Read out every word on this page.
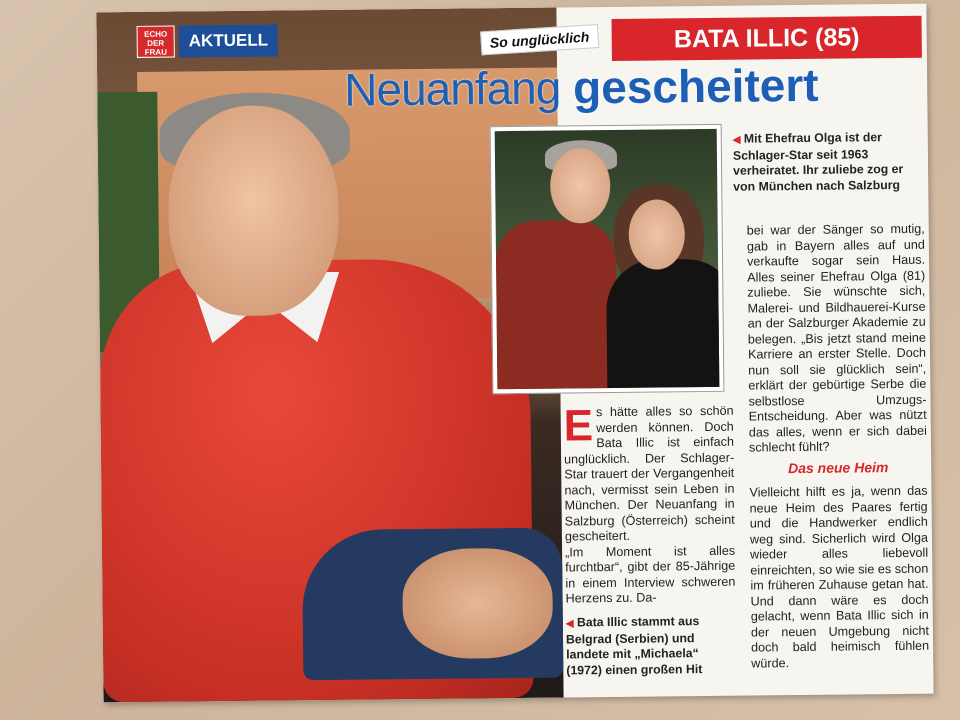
ECHO DER FRAU
AKTUELL	So unglücklich	BATA ILLIC (85)
Neuanfang gescheitert
◀ Mit Ehefrau Olga ist der Schlager-Star seit 1963 verheiratet. Ihr zuliebe zog er von München nach Salzburg
E s hätte alles so schön werden können. Doch Bata Illic ist einfach unglücklich. Der Schlager-Star trauert der Vergangenheit nach, vermisst sein Leben in München. Der Neuanfang in Salzburg (Österreich) scheint gescheitert.

„Im Moment ist alles furchtbar“, gibt der 85-Jährige in einem Interview schweren Herzens zu. Da-

◀ Bata Illic stammt aus Belgrad (Serbien) und landete mit „Michaela“ (1972) einen großen Hit

bei war der Sänger so mutig, gab in Bayern alles auf und verkaufte sogar sein Haus. Alles seiner Ehefrau Olga (81) zuliebe. Sie wünschte sich, Malerei- und Bildhauerei-Kurse an der Salzburger Akademie zu belegen. „Bis jetzt stand meine Karriere an erster Stelle. Doch nun soll sie glücklich sein“, erklärt der gebürtige Serbe die selbstlose Umzugs-Entscheidung. Aber was nützt das alles, wenn er sich dabei schlecht fühlt?

Das neue Heim

Vielleicht hilft es ja, wenn das neue Heim des Paares fertig und die Handwerker endlich weg sind. Sicherlich wird Olga wieder alles liebevoll einreichten, so wie sie es schon im früheren Zuhause getan hat. Und dann wäre es doch gelacht, wenn Bata Illic sich in der neuen Umgebung nicht doch bald heimisch fühlen würde.
